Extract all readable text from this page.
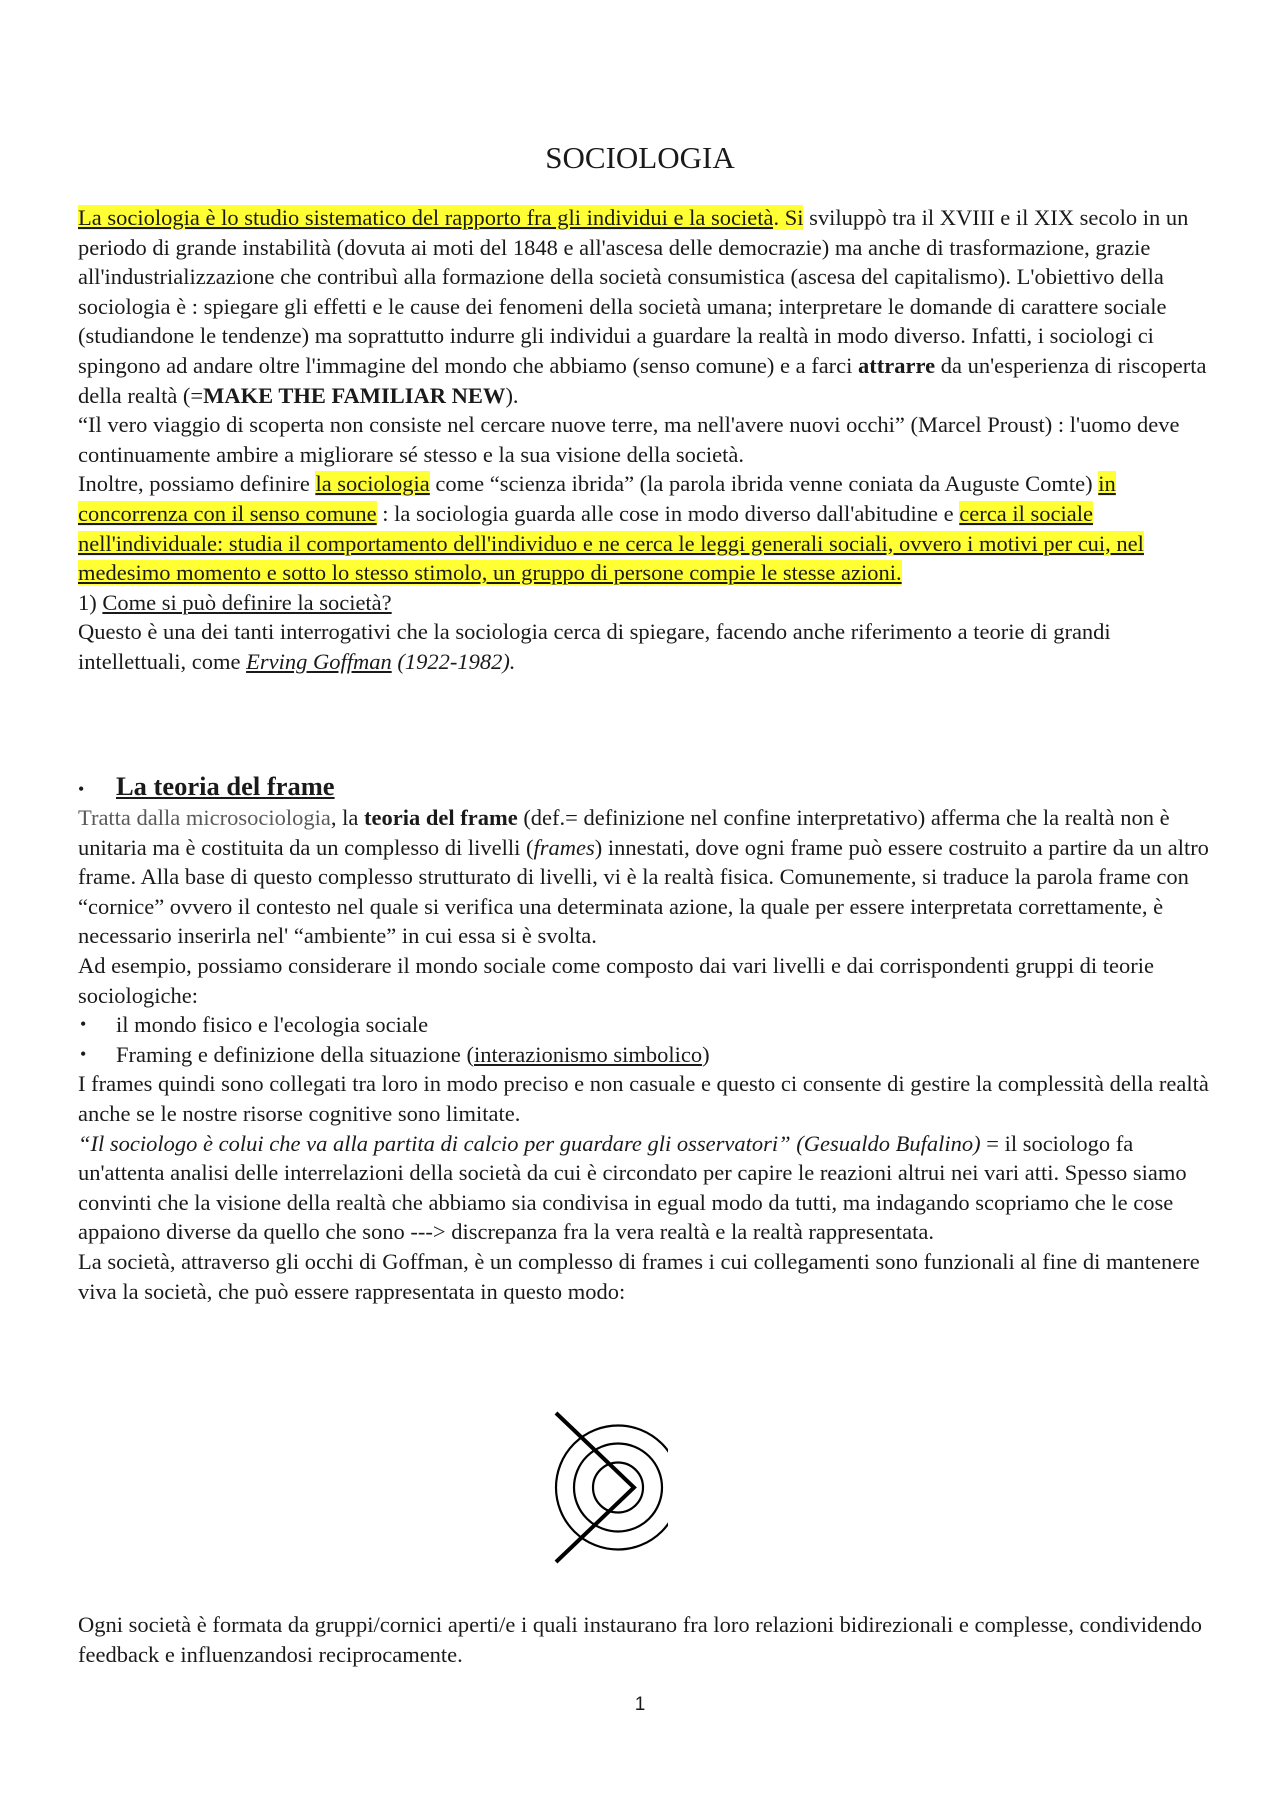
SOCIOLOGIA

La sociologia è lo studio sistematico del rapporto fra gli individui e la società. Si sviluppò tra il XVIII e il XIX secolo in un periodo di grande instabilità (dovuta ai moti del 1848 e all'ascesa delle democrazie) ma anche di trasformazione, grazie all'industrializzazione che contribuì alla formazione della società consumistica (ascesa del capitalismo). L'obiettivo della sociologia è : spiegare gli effetti e le cause dei fenomeni della società umana; interpretare le domande di carattere sociale (studiandone le tendenze) ma soprattutto indurre gli individui a guardare la realtà in modo diverso. Infatti, i sociologi ci spingono ad andare oltre l'immagine del mondo che abbiamo (senso comune) e a farci attrarre da un'esperienza di riscoperta della realtà (=MAKE THE FAMILIAR NEW).

“Il vero viaggio di scoperta non consiste nel cercare nuove terre, ma nell'avere nuovi occhi” (Marcel Proust) : l'uomo deve continuamente ambire a migliorare sé stesso e la sua visione della società.

Inoltre, possiamo definire la sociologia come “scienza ibrida” (la parola ibrida venne coniata da Auguste Comte) in concorrenza con il senso comune : la sociologia guarda alle cose in modo diverso dall'abitudine e cerca il sociale nell'individuale: studia il comportamento dell'individuo e ne cerca le leggi generali sociali, ovvero i motivi per cui, nel medesimo momento e sotto lo stesso stimolo, un gruppo di persone compie le stesse azioni.

1) Come si può definire la società?

Questo è una dei tanti interrogativi che la sociologia cerca di spiegare, facendo anche riferimento a teorie di grandi intellettuali, come Erving Goffman (1922-1982).

• La teoria del frame

Tratta dalla microsociologia, la teoria del frame (def.= definizione nel confine interpretativo) afferma che la realtà non è unitaria ma è costituita da un complesso di livelli (frames) innestati, dove ogni frame può essere costruito a partire da un altro frame. Alla base di questo complesso strutturato di livelli, vi è la realtà fisica. Comunemente, si traduce la parola frame con “cornice” ovvero il contesto nel quale si verifica una determinata azione, la quale per essere interpretata correttamente, è necessario inserirla nel' “ambiente” in cui essa si è svolta.

Ad esempio, possiamo considerare il mondo sociale come composto dai vari livelli e dai corrispondenti gruppi di teorie sociologiche:

• il mondo fisico e l'ecologia sociale
• Framing e definizione della situazione (interazionismo simbolico)

I frames quindi sono collegati tra loro in modo preciso e non casuale e questo ci consente di gestire la complessità della realtà anche se le nostre risorse cognitive sono limitate.

“Il sociologo è colui che va alla partita di calcio per guardare gli osservatori” (Gesualdo Bufalino) = il sociologo fa un'attenta analisi delle interrelazioni della società da cui è circondato per capire le reazioni altrui nei vari atti. Spesso siamo convinti che la visione della realtà che abbiamo sia condivisa in egual modo da tutti, ma indagando scopriamo che le cose appaiono diverse da quello che sono ---> discrepanza fra la vera realtà e la realtà rappresentata.

La società, attraverso gli occhi di Goffman, è un complesso di frames i cui collegamenti sono funzionali al fine di mantenere viva la società, che può essere rappresentata in questo modo:

Ogni società è formata da gruppi/cornici aperti/e i quali instaurano fra loro relazioni bidirezionali e complesse, condividendo feedback e influenzandosi reciprocamente.

1
